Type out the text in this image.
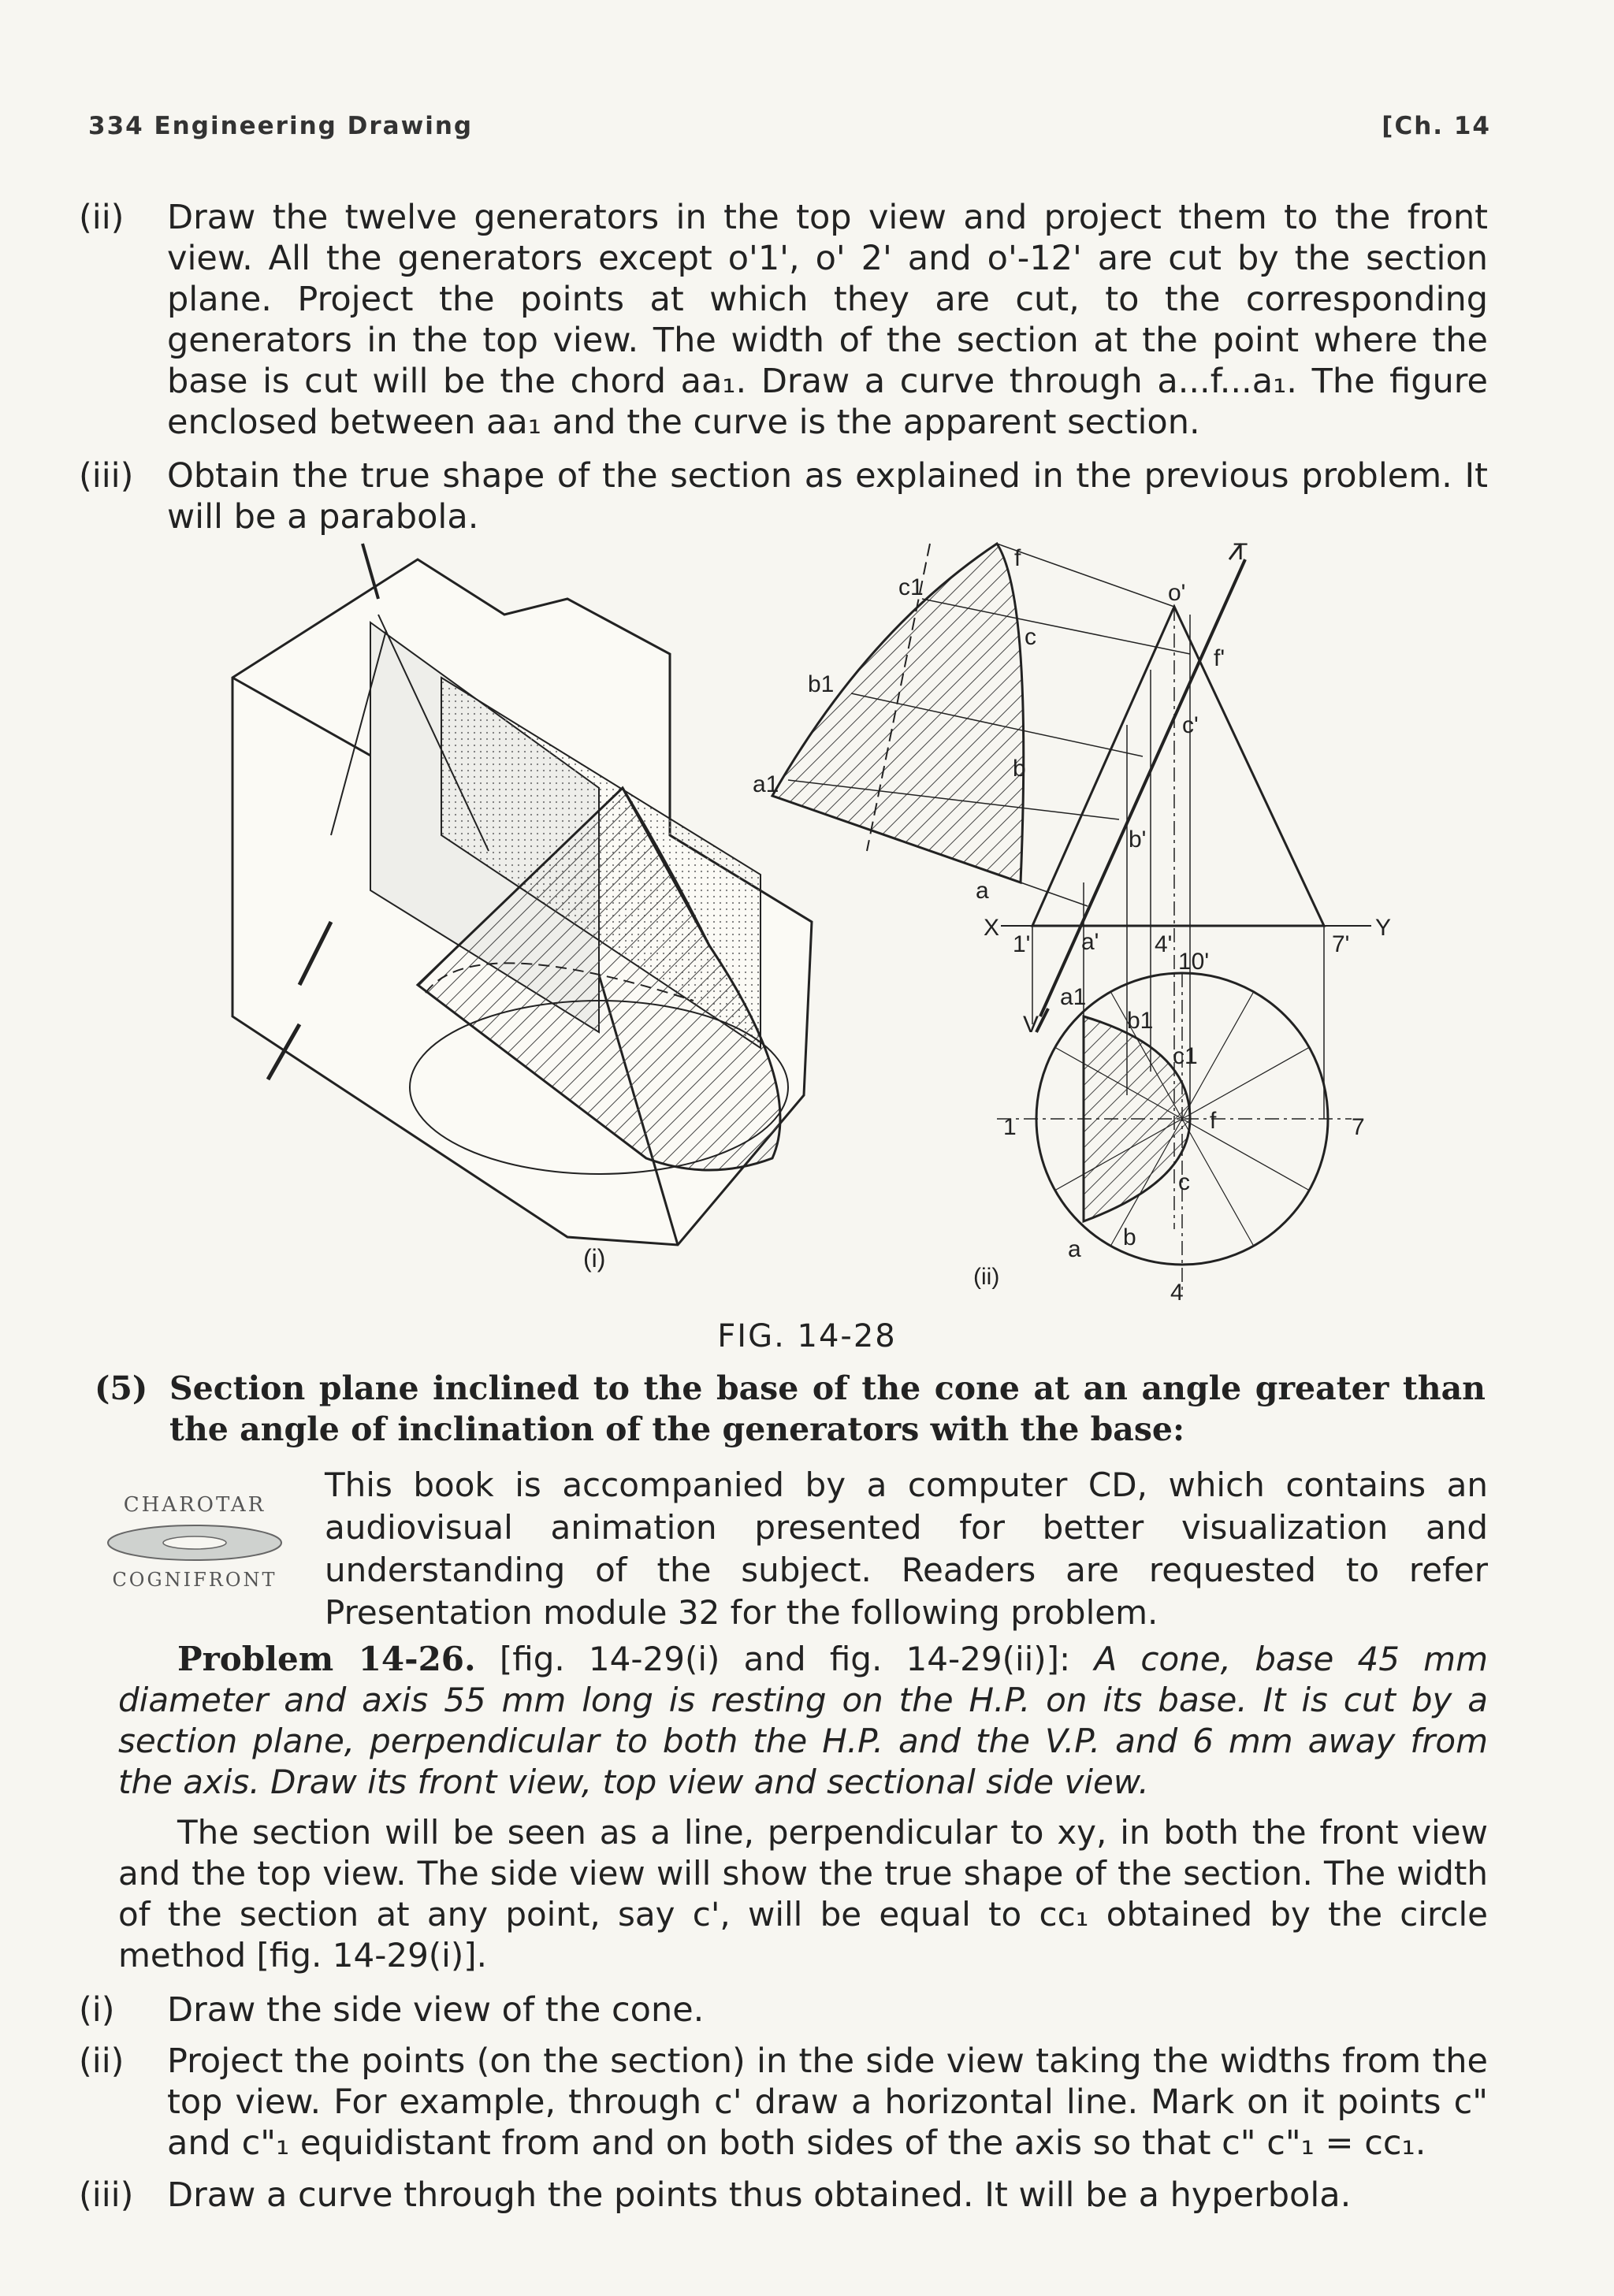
334 Engineering Drawing	[Ch. 14
(ii)	Draw the twelve generators in the top view and project them to the front view. All the generators except o'1', o' 2' and o'-12' are cut by the section plane. Project the points at which they are cut, to the corresponding generators in the top view. The width of the section at the point where the base is cut will be the chord aa₁. Draw a curve through a...f...a₁. The figure enclosed between aa₁ and the curve is the apparent section.
(iii) Obtain the true shape of the section as explained in the previous problem. It will be a parabola.
(i)
f
c1
c
b1
b
a1
a
o'
f'
c'
b'
a'
X	Y
1'	4'
10'
7'
a1
b1
c1
f
1	7
c
b
a
4
V
T
(ii)
FIG. 14-28
(5) Section plane inclined to the base of the cone at an angle greater than the angle of inclination of the generators with the base:
CHAROTAR
COGNIFRONT
This book is accompanied by a computer CD, which contains an audiovisual animation presented for better visualization and understanding of the subject. Readers are requested to refer Presentation module 32 for the following problem.
Problem 14-26. [fig. 14-29(i) and fig. 14-29(ii)]: A cone, base 45 mm diameter and axis 55 mm long is resting on the H.P. on its base. It is cut by a section plane, perpendicular to both the H.P. and the V.P. and 6 mm away from the axis. Draw its front view, top view and sectional side view.
The section will be seen as a line, perpendicular to xy, in both the front view and the top view. The side view will show the true shape of the section. The width of the section at any point, say c', will be equal to cc₁ obtained by the circle method [fig. 14-29(i)].
(i)	Draw the side view of the cone.
(ii)	Project the points (on the section) in the side view taking the widths from the top view. For example, through c' draw a horizontal line. Mark on it points c" and c"₁ equidistant from and on both sides of the axis so that c" c"₁ = cc₁.
(iii) Draw a curve through the points thus obtained. It will be a hyperbola.
